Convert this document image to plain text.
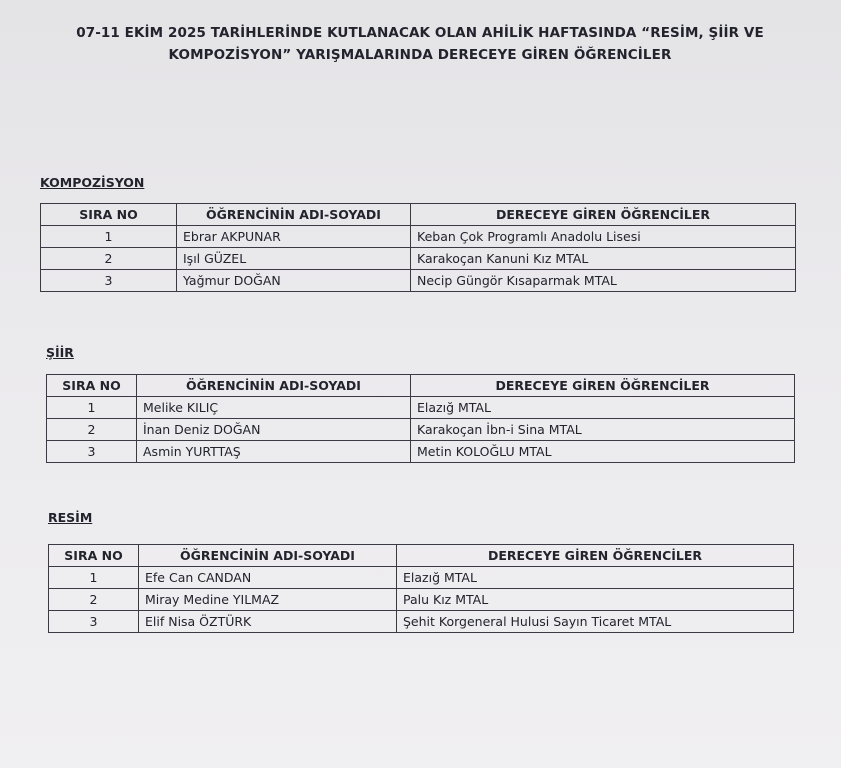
07-11 EKİM 2025 TARİHLERİNDE KUTLANACAK OLAN AHİLİK HAFTASINDA “RESİM, ŞİİR VE
KOMPOZİSYON” YARIŞMALARINDA DERECEYE GİREN ÖĞRENCİLER
KOMPOZİSYON
SIRA NO	ÖĞRENCİNİN ADI-SOYADI	DERECEYE GİREN ÖĞRENCİLER
1	Ebrar AKPUNAR	Keban Çok Programlı Anadolu Lisesi
2	Işıl GÜZEL	Karakoçan Kanuni Kız MTAL
3	Yağmur DOĞAN	Necip Güngör Kısaparmak MTAL
ŞİİR
SIRA NO	ÖĞRENCİNİN ADI-SOYADI	DERECEYE GİREN ÖĞRENCİLER
1	Melike KILIÇ	Elazığ MTAL
2	İnan Deniz DOĞAN	Karakoçan İbn-i Sina MTAL
3	Asmin YURTTAŞ	Metin KOLOĞLU MTAL
RESİM
SIRA NO	ÖĞRENCİNİN ADI-SOYADI	DERECEYE GİREN ÖĞRENCİLER
1	Efe Can CANDAN	Elazığ MTAL
2	Miray Medine YILMAZ	Palu Kız MTAL
3	Elif Nisa ÖZTÜRK	Şehit Korgeneral Hulusi Sayın Ticaret MTAL
